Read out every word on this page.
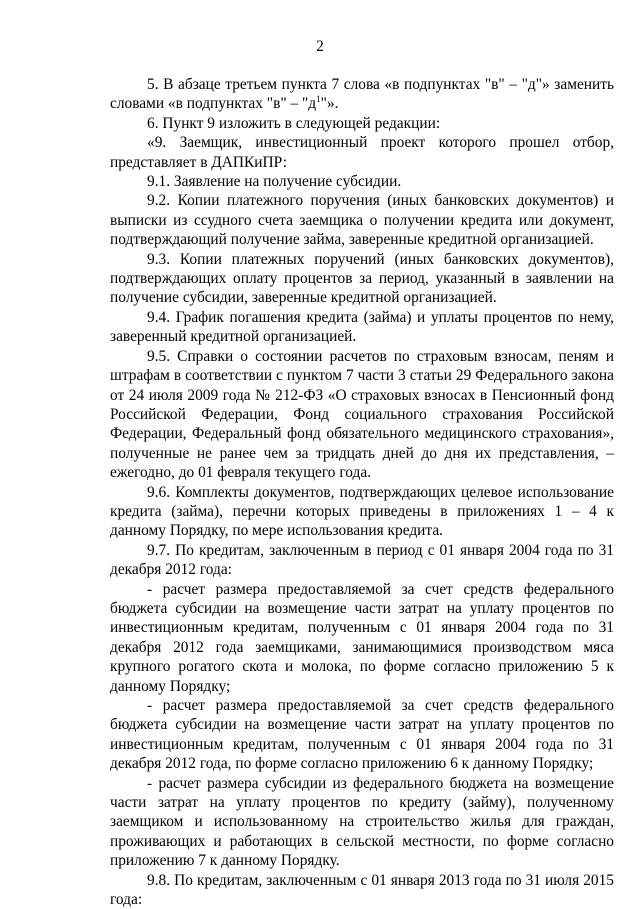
2

5. В абзаце третьем пункта 7 слова «в подпунктах "в" – "д"» заменить словами «в подпунктах "в" – "$д^1$"».

6. Пункт 9 изложить в следующей редакции:

«9. Заемщик, инвестиционный проект которого прошел отбор, представляет в ДАПКиПР:

9.1. Заявление на получение субсидии.

9.2. Копии платежного поручения (иных банковских документов) и выписки из ссудного счета заемщика о получении кредита или документ, подтверждающий получение займа, заверенные кредитной организацией.

9.3. Копии платежных поручений (иных банковских документов), подтверждающих оплату процентов за период, указанный в заявлении на получение субсидии, заверенные кредитной организацией.

9.4. График погашения кредита (займа) и уплаты процентов по нему, заверенный кредитной организацией.

9.5. Справки о состоянии расчетов по страховым взносам, пеням и штрафам в соответствии с пунктом 7 части 3 статьи 29 Федерального закона от 24 июля 2009 года № 212-ФЗ «О страховых взносах в Пенсионный фонд Российской Федерации, Фонд социального страхования Российской Федерации, Федеральный фонд обязательного медицинского страхования», полученные не ранее чем за тридцать дней до дня их представления, – ежегодно, до 01 февраля текущего года.

9.6. Комплекты документов, подтверждающих целевое использование кредита (займа), перечни которых приведены в приложениях 1 – 4 к данному Порядку, по мере использования кредита.

9.7. По кредитам, заключенным в период с 01 января 2004 года по 31 декабря 2012 года:

- расчет размера предоставляемой за счет средств федерального бюджета субсидии на возмещение части затрат на уплату процентов по инвестиционным кредитам, полученным с 01 января 2004 года по 31 декабря 2012 года заемщиками, занимающимися производством мяса крупного рогатого скота и молока, по форме согласно приложению 5 к данному Порядку;

- расчет размера предоставляемой за счет средств федерального бюджета субсидии на возмещение части затрат на уплату процентов по инвестиционным кредитам, полученным с 01 января 2004 года по 31 декабря 2012 года, по форме согласно приложению 6 к данному Порядку;

- расчет размера субсидии из федерального бюджета на возмещение части затрат на уплату процентов по кредиту (займу), полученному заемщиком и использованному на строительство жилья для граждан, проживающих и работающих в сельской местности, по форме согласно приложению 7 к данному Порядку.

9.8. По кредитам, заключенным с 01 января 2013 года по 31 июля 2015 года:
